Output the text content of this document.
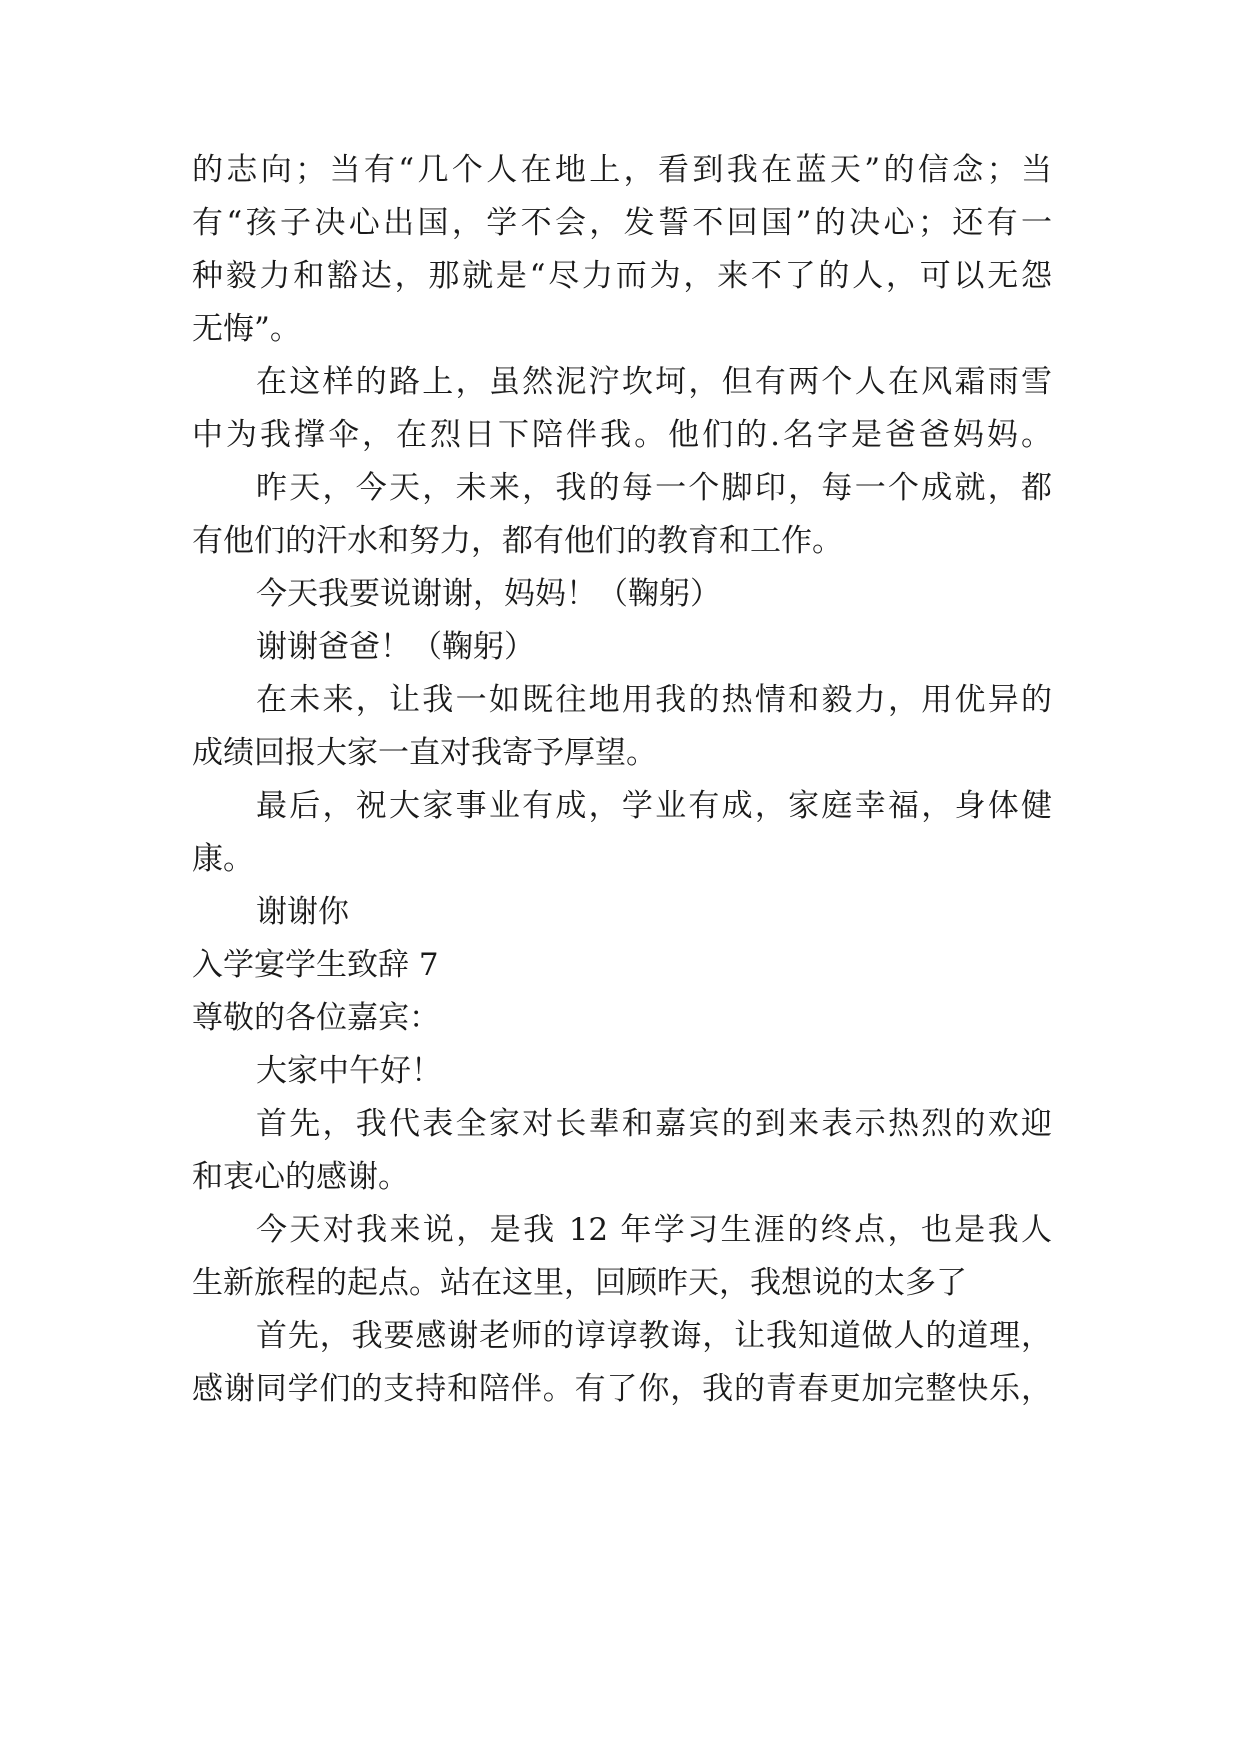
的志向；当有“几个人在地上，看到我在蓝天”的信念；当
有“孩子决心出国，学不会，发誓不回国”的决心；还有一
种毅力和豁达，那就是“尽力而为，来不了的人，可以无怨
无悔”。
在这样的路上，虽然泥泞坎坷，但有两个人在风霜雨雪
中为我撑伞，在烈日下陪伴我。他们的.名字是爸爸妈妈。
昨天，今天，未来，我的每一个脚印，每一个成就，都
有他们的汗水和努力，都有他们的教育和工作。
今天我要说谢谢，妈妈！（鞠躬）
谢谢爸爸！（鞠躬）
在未来，让我一如既往地用我的热情和毅力，用优异的
成绩回报大家一直对我寄予厚望。
最后，祝大家事业有成，学业有成，家庭幸福，身体健
康。
谢谢你
入学宴学生致辞 7
尊敬的各位嘉宾：
大家中午好！
首先，我代表全家对长辈和嘉宾的到来表示热烈的欢迎
和衷心的感谢。
今天对我来说，是我 12 年学习生涯的终点，也是我人
生新旅程的起点。站在这里，回顾昨天，我想说的太多了
首先，我要感谢老师的谆谆教诲，让我知道做人的道理，
感谢同学们的支持和陪伴。有了你，我的青春更加完整快乐，
